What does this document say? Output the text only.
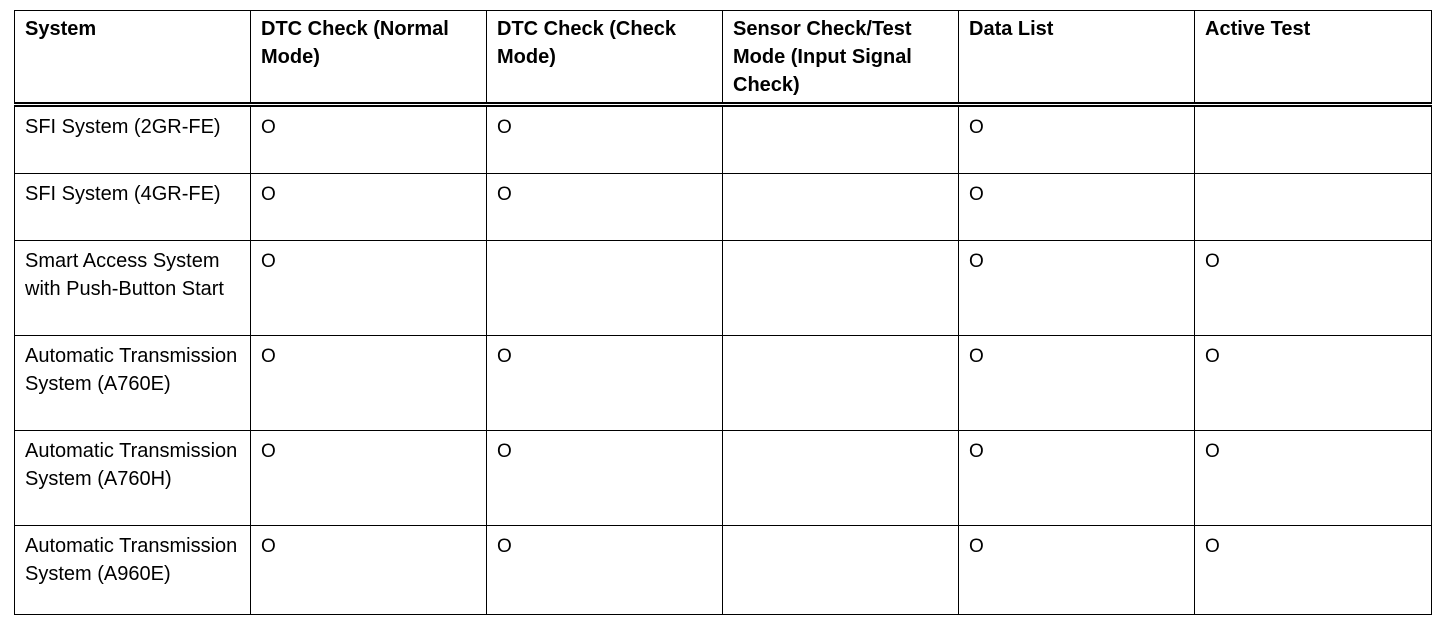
System	DTC Check (Normal Mode)	DTC Check (Check Mode)	Sensor Check/Test Mode (Input Signal Check)	Data List	Active Test
SFI System (2GR-FE)	O	O		O	
SFI System (4GR-FE)	O	O		O	
Smart Access System with Push-Button Start	O			O	O
Automatic Transmission System (A760E)	O	O		O	O
Automatic Transmission System (A760H)	O	O		O	O
Automatic Transmission System (A960E)	O	O		O	O
